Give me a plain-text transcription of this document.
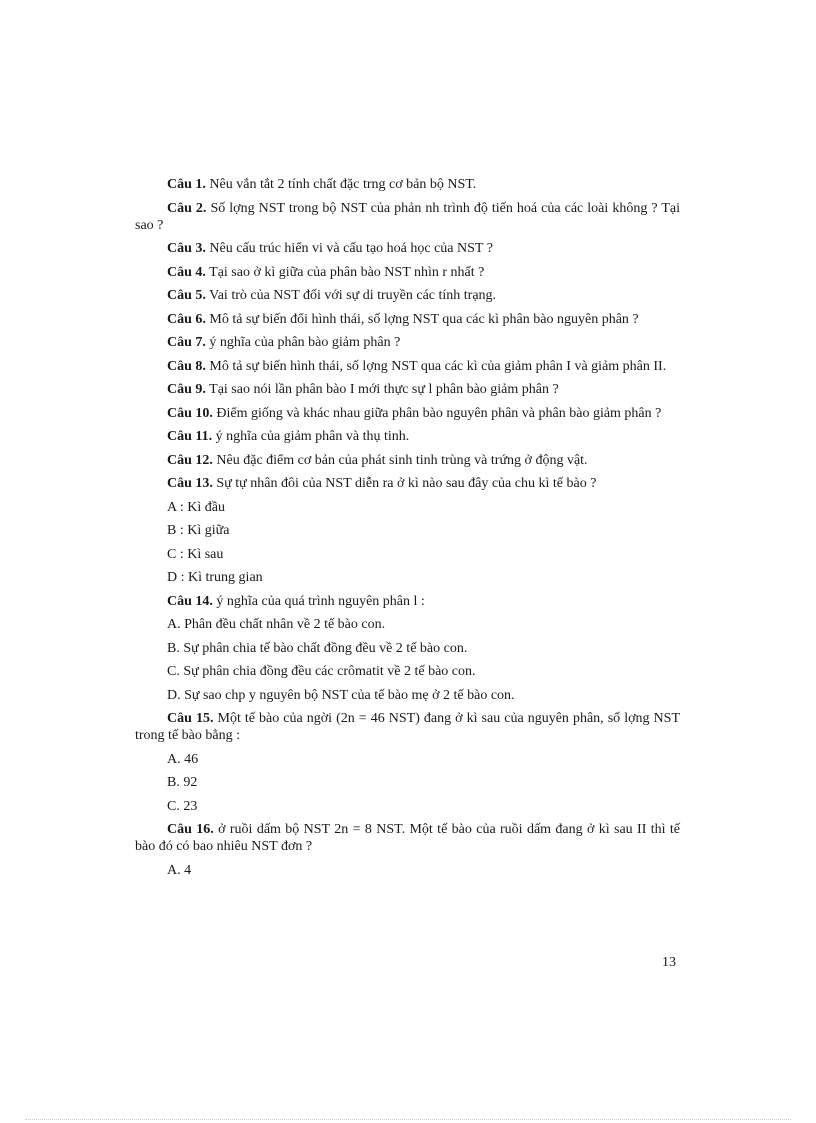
Câu 1. Nêu vắn tắt 2 tính chất đặc trng cơ bản bộ NST.

Câu 2. Số lợng NST trong bộ NST của phản nh trình độ tiến hoá của các loài không ? Tại sao ?

Câu 3. Nêu cấu trúc hiển vi và cấu tạo hoá học của NST ?

Câu 4. Tại sao ở kì giữa của phân bào NST nhìn r nhất ?

Câu 5. Vai trò của NST đối với sự di truyền các tính trạng.

Câu 6. Mô tả sự biến đổi hình thái, số lợng NST qua các kì phân bào nguyên phân ?

Câu 7. ý nghĩa của phân bào giảm phân ?

Câu 8. Mô tả sự biến hình thái, số lợng NST qua các kì của giảm phân I và giảm phân II.

Câu 9. Tại sao nói lần phân bào I mới thực sự l phân bào giảm phân ?

Câu 10. Điểm giống và khác nhau giữa phân bào nguyên phân và phân bào giảm phân ?

Câu 11. ý nghĩa của giảm phân và thụ tinh.

Câu 12. Nêu đặc điểm cơ bản của phát sinh tinh trùng và trứng ở động vật.

Câu 13. Sự tự nhân đôi của NST diễn ra ở kì nào sau đây của chu kì tế bào ?

A : Kì đầu

B : Kì giữa

C : Kì sau

D : Kì trung gian

Câu 14. ý nghĩa của quá trình nguyên phân l :

A. Phân đều chất nhân về 2 tế bào con.

B. Sự phân chia tế bào chất đồng đều về 2 tế bào con.

C. Sự phân chia đồng đều các crômatit về 2 tế bào con.

D. Sự sao chp y nguyên bộ NST của tế bào mẹ ở 2 tế bào con.

Câu 15. Một tế bào của ngời (2n = 46 NST) đang ở kì sau của nguyên phân, số lợng NST trong tế bào bằng :

A. 46

B. 92

C. 23

Câu 16. ở ruồi dấm bộ NST 2n = 8 NST. Một tế bào của ruồi dấm đang ở kì sau II thì tế bào đó có bao nhiêu NST đơn ?

A. 4

13
